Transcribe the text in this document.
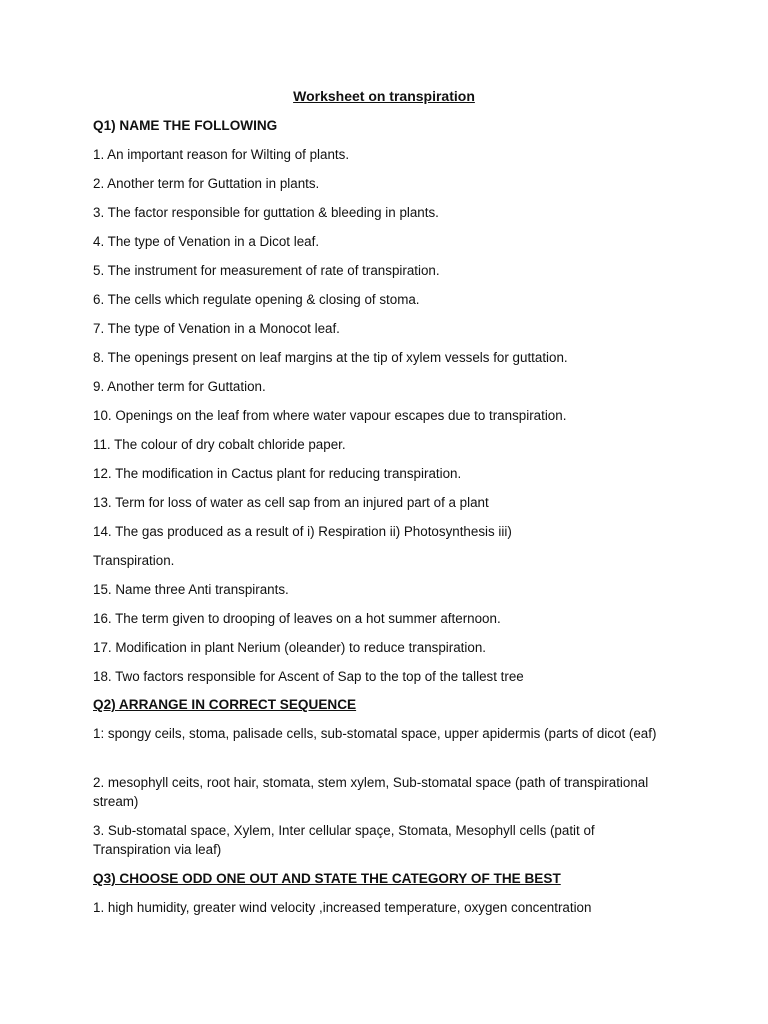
Worksheet on transpiration
Q1) NAME THE FOLLOWING
1. An important reason for Wilting of plants.
2. Another term for Guttation in plants.
3. The factor responsible for guttation & bleeding in plants.
4. The type of Venation in a Dicot leaf.
5. The instrument for measurement of rate of transpiration.
6. The cells which regulate opening & closing of stoma.
7. The type of Venation in a Monocot leaf.
8. The openings present on leaf margins at the tip of xylem vessels for guttation.
9. Another term for Guttation.
10. Openings on the leaf from where water vapour escapes due to transpiration.
11. The colour of dry cobalt chloride paper.
12. The modification in Cactus plant for reducing transpiration.
13. Term for loss of water as cell sap from an injured part of a plant
14. The gas produced as a result of i) Respiration ii) Photosynthesis iii)
Transpiration.
15. Name three Anti transpirants.
16. The term given to drooping of leaves on a hot summer afternoon.
17. Modification in plant Nerium (oleander) to reduce transpiration.
18. Two factors responsible for Ascent of Sap to the top of the tallest tree
Q2) ARRANGE IN CORRECT SEQUENCE
1: spongy ceils, stoma, palisade cells, sub-stomatal space, upper apidermis (parts of dicot (eaf)
2. mesophyll ceits, root hair, stomata, stem xylem, Sub-stomatal space (path of transpirational stream)
3. Sub-stomatal space, Xylem, Inter cellular spaçe, Stomata, Mesophyll cells (patit of Transpiration via leaf)
Q3) CHOOSE ODD ONE OUT AND STATE THE CATEGORY OF THE BEST
1. high humidity, greater wind velocity ,increased temperature, oxygen concentration
